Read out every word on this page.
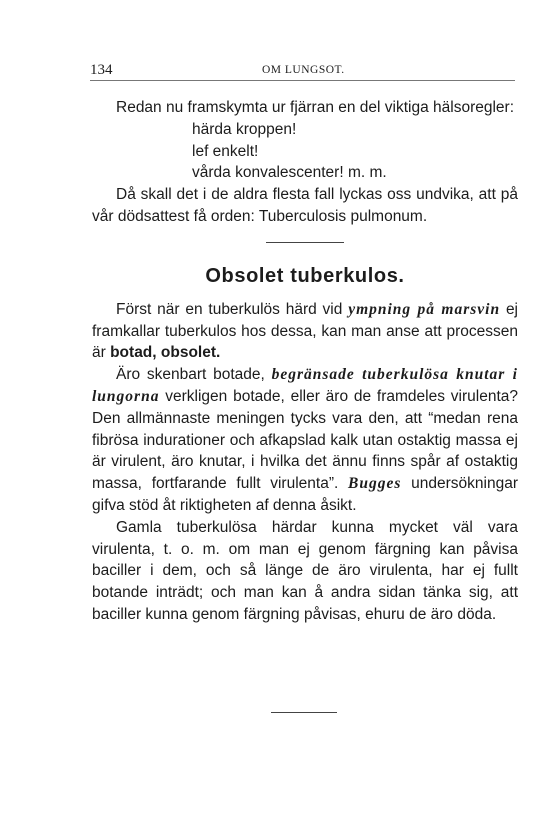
134	OM LUNGSOT.

Redan nu framskymta ur fjärran en del viktiga hälsoregler:

härda kroppen!
lef enkelt!
vårda konvalescenter! m. m.

Då skall det i de aldra flesta fall lyckas oss undvika, att på vår dödsattest få orden: Tuberculosis pulmonum.

Obsolet tuberkulos.

Först när en tuberkulös härd vid ympning på marsvin ej framkallar tuberkulos hos dessa, kan man anse att processen är botad, obsolet.

Äro skenbart botade, begränsade tuberkulösa knutar i lungorna verkligen botade, eller äro de framdeles virulenta? Den allmännaste meningen tycks vara den, att “medan rena fibrösa indurationer och afkapslad kalk utan ostaktig massa ej är virulent, äro knutar, i hvilka det ännu finns spår af ostaktig massa, fortfarande fullt virulenta”. Bugges undersökningar gifva stöd åt riktigheten af denna åsikt.

Gamla tuberkulösa härdar kunna mycket väl vara virulenta, t. o. m. om man ej genom färgning kan påvisa baciller i dem, och så länge de äro virulenta, har ej fullt botande inträdt; och man kan å andra sidan tänka sig, att baciller kunna genom färgning påvisas, ehuru de äro döda.
